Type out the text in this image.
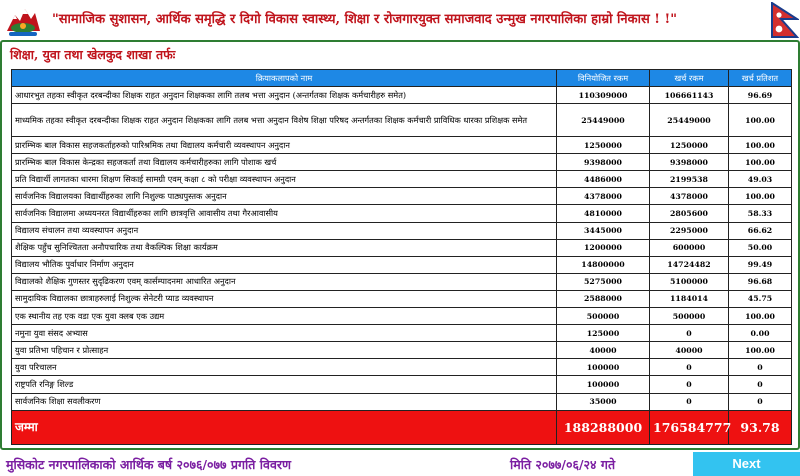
"सामाजिक सुशासन, आर्थिक समृद्धि र दिगो विकास स्वास्थ्य, शिक्षा र रोजगारयुक्त समाजवाद उन्मुख नगरपालिका हाम्रो निकास ! !"
शिक्षा, युवा तथा खेलकुद शाखा तर्फः
क्रियाकलापको नाम	विनियोजित रकम	खर्च रकम	खर्च प्रतिशत
आधारभुत तहका स्वीकृत दरबन्दीका शिक्षक राहत अनुदान शिक्षकका लागि तलब भत्ता अनुदान (अन्तर्गतका शिक्षक कर्मचारीहरु समेत)	110309000	106661143	96.69
माध्यमिक तहका स्वीकृत दरबन्दीका शिक्षक राहत अनुदान शिक्षकका लागि तलब भत्ता अनुदान विशेष शिक्षा परिषद अन्तर्गतका शिक्षक कर्मचारी प्राविधिक धारका प्रशिक्षक समेत	25449000	25449000	100.00
प्रारम्भिक बाल विकास सहजकर्ताहरुको पारिश्रमिक तथा विद्यालय कर्मचारी व्यवस्थापन अनुदान	1250000	1250000	100.00
प्रारम्भिक बाल विकास केन्द्रका सहजकर्ता तथा विद्यालय कर्मचारीहरुका लागि पोशाक खर्च	9398000	9398000	100.00
प्रति विद्यार्थी लागतका धारमा शिक्षण सिकाई सामग्री एवम् कक्षा ८ को परीक्षा व्यवस्थापन अनुदान	4486000	2199538	49.03
सार्वजनिक विद्यालयका विद्यार्थीहरुका लागि निशुल्क पाठ्यपुस्तक अनुदान	4378000	4378000	100.00
सार्वजनिक विद्यालमा अध्ययनरत विद्यार्थीहरुका लागि छात्रवृत्ति आवासीय तथा गैरआवासीय	4810000	2805600	58.33
विद्यालय संचालन तथा व्यवस्थापन अनुदान	3445000	2295000	66.62
शैक्षिक पहुँच सुनिश्चितता अनौपचारिक तथा वैकल्पिक शिक्षा कार्यक्रम	1200000	600000	50.00
विद्यालय भौतिक पुर्वाधार निर्माण अनुदान	14800000	14724482	99.49
विद्यालको शैक्षिक गुणस्तर सुदृढिकरण एवम् कार्सम्पादनमा आधारित अनुदान	5275000	5100000	96.68
सामुदायिक विद्यालका छात्राहरुलाई निशुल्क सेनेटरी प्याड व्यवस्थापन	2588000	1184014	45.75
एक स्थानीय तह एक वडा एक युवा क्लब एक उद्यम	500000	500000	100.00
नमुना युवा संसद अभ्यास	125000	0	0.00
युवा प्रतिभा पहिचान र प्रोत्साहन	40000	40000	100.00
युवा परिचालन	100000	0	0
राष्ट्रपति रनिङ्ग शिल्ड	100000	0	0
सार्वजनिक शिक्षा सवलीकरण	35000	0	0
जम्मा	188288000	176584777	93.78
मुसिकोट नगरपालिकाको आर्थिक बर्ष २०७६/०७७ प्रगति विवरण	मिति २०७७/०६/२४ गते	Next
